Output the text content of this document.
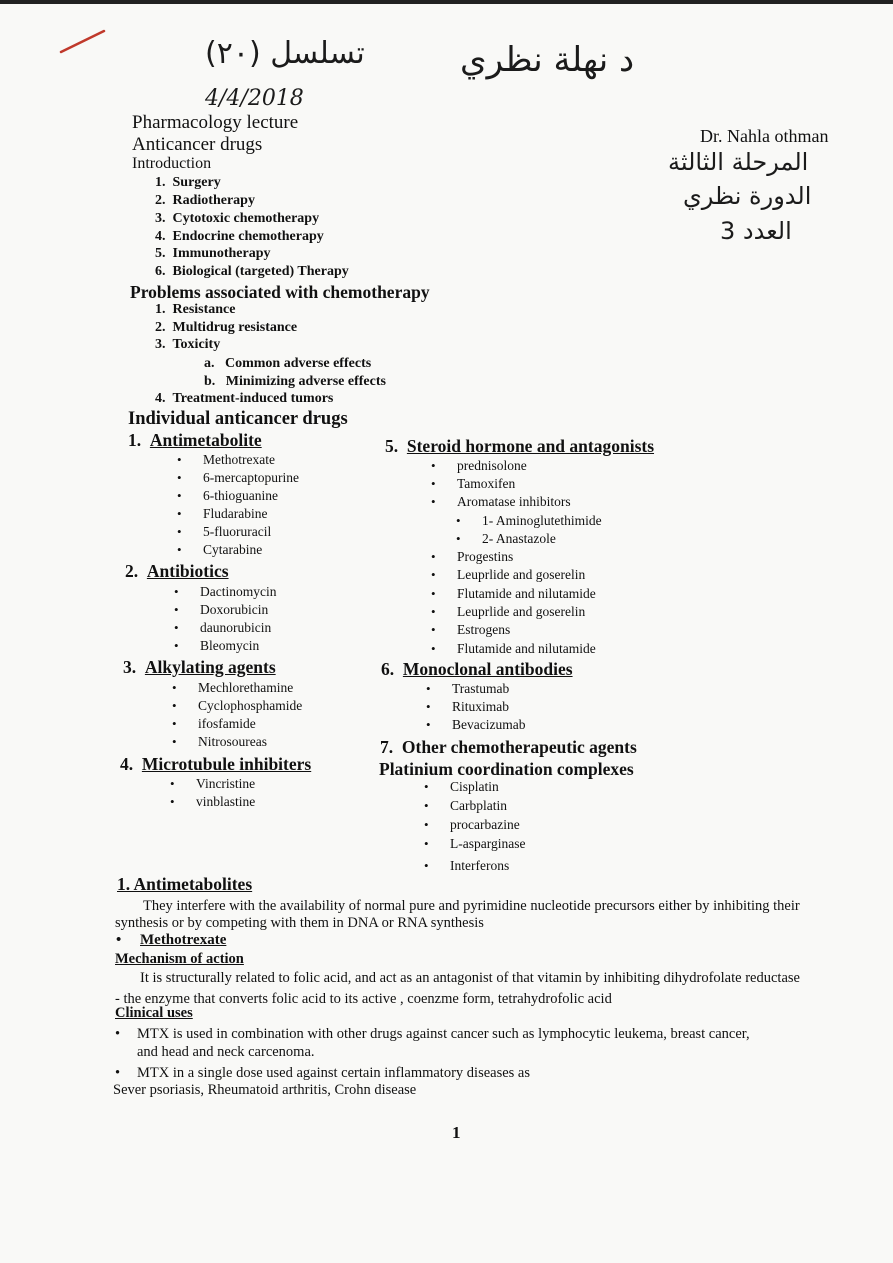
تسلسل (٢٠)	د نهلة نظري
4/4/2018
المرحلة الثالثة
الدورة نظري
العدد 3
Pharmacology lecture
Anticancer drugs	Dr. Nahla othman
Introduction
1.  Surgery
2.  Radiotherapy
3.  Cytotoxic chemotherapy
4.  Endocrine chemotherapy
5.  Immunotherapy
6.  Biological (targeted) Therapy
Problems associated with chemotherapy
1.  Resistance
2.  Multidrug resistance
3.  Toxicity
a.   Common adverse effects
b.   Minimizing adverse effects
4.  Treatment-induced tumors
Individual anticancer drugs
1. Antimetabolite
• Methotrexate
• 6-mercaptopurine
• 6-thioguanine
• Fludarabine
• 5-fluoruracil
• Cytarabine
2. Antibiotics
• Dactinomycin
• Doxorubicin
• daunorubicin
• Bleomycin
3. Alkylating agents
• Mechlorethamine
• Cyclophosphamide
• ifosfamide
• Nitrosoureas
4. Microtubule inhibiters
• Vincristine
• vinblastine
5. Steroid hormone and antagonists
• prednisolone
• Tamoxifen
• Aromatase inhibitors
• 1- Aminoglutethimide
• 2- Anastazole
• Progestins
• Leuprlide and goserelin
• Flutamide and nilutamide
• Leuprlide and goserelin
• Estrogens
• Flutamide and nilutamide
6. Monoclonal antibodies
• Trastumab
• Rituximab
• Bevacizumab
7. Other chemotherapeutic agents
Platinium coordination complexes
• Cisplatin
• Carbplatin
• procarbazine
• L-asparginase
• Interferons
1. Antimetabolites
They interfere with the availability of normal pure and pyrimidine nucleotide precursors either by inhibiting their
synthesis or by competing with them in DNA or RNA synthesis
• Methotrexate
Mechanism of action
It is structurally related to folic acid, and act as an antagonist of that vitamin by inhibiting dihydrofolate reductase
- the enzyme that converts folic acid to its active , coenzme form, tetrahydrofolic acid
Clinical uses
• MTX is used in combination with other drugs against cancer such as lymphocytic leukema, breast cancer,
and head and neck carcenoma.
• MTX in a single dose used against certain inflammatory diseases as
Sever psoriasis, Rheumatoid arthritis, Crohn disease
1
